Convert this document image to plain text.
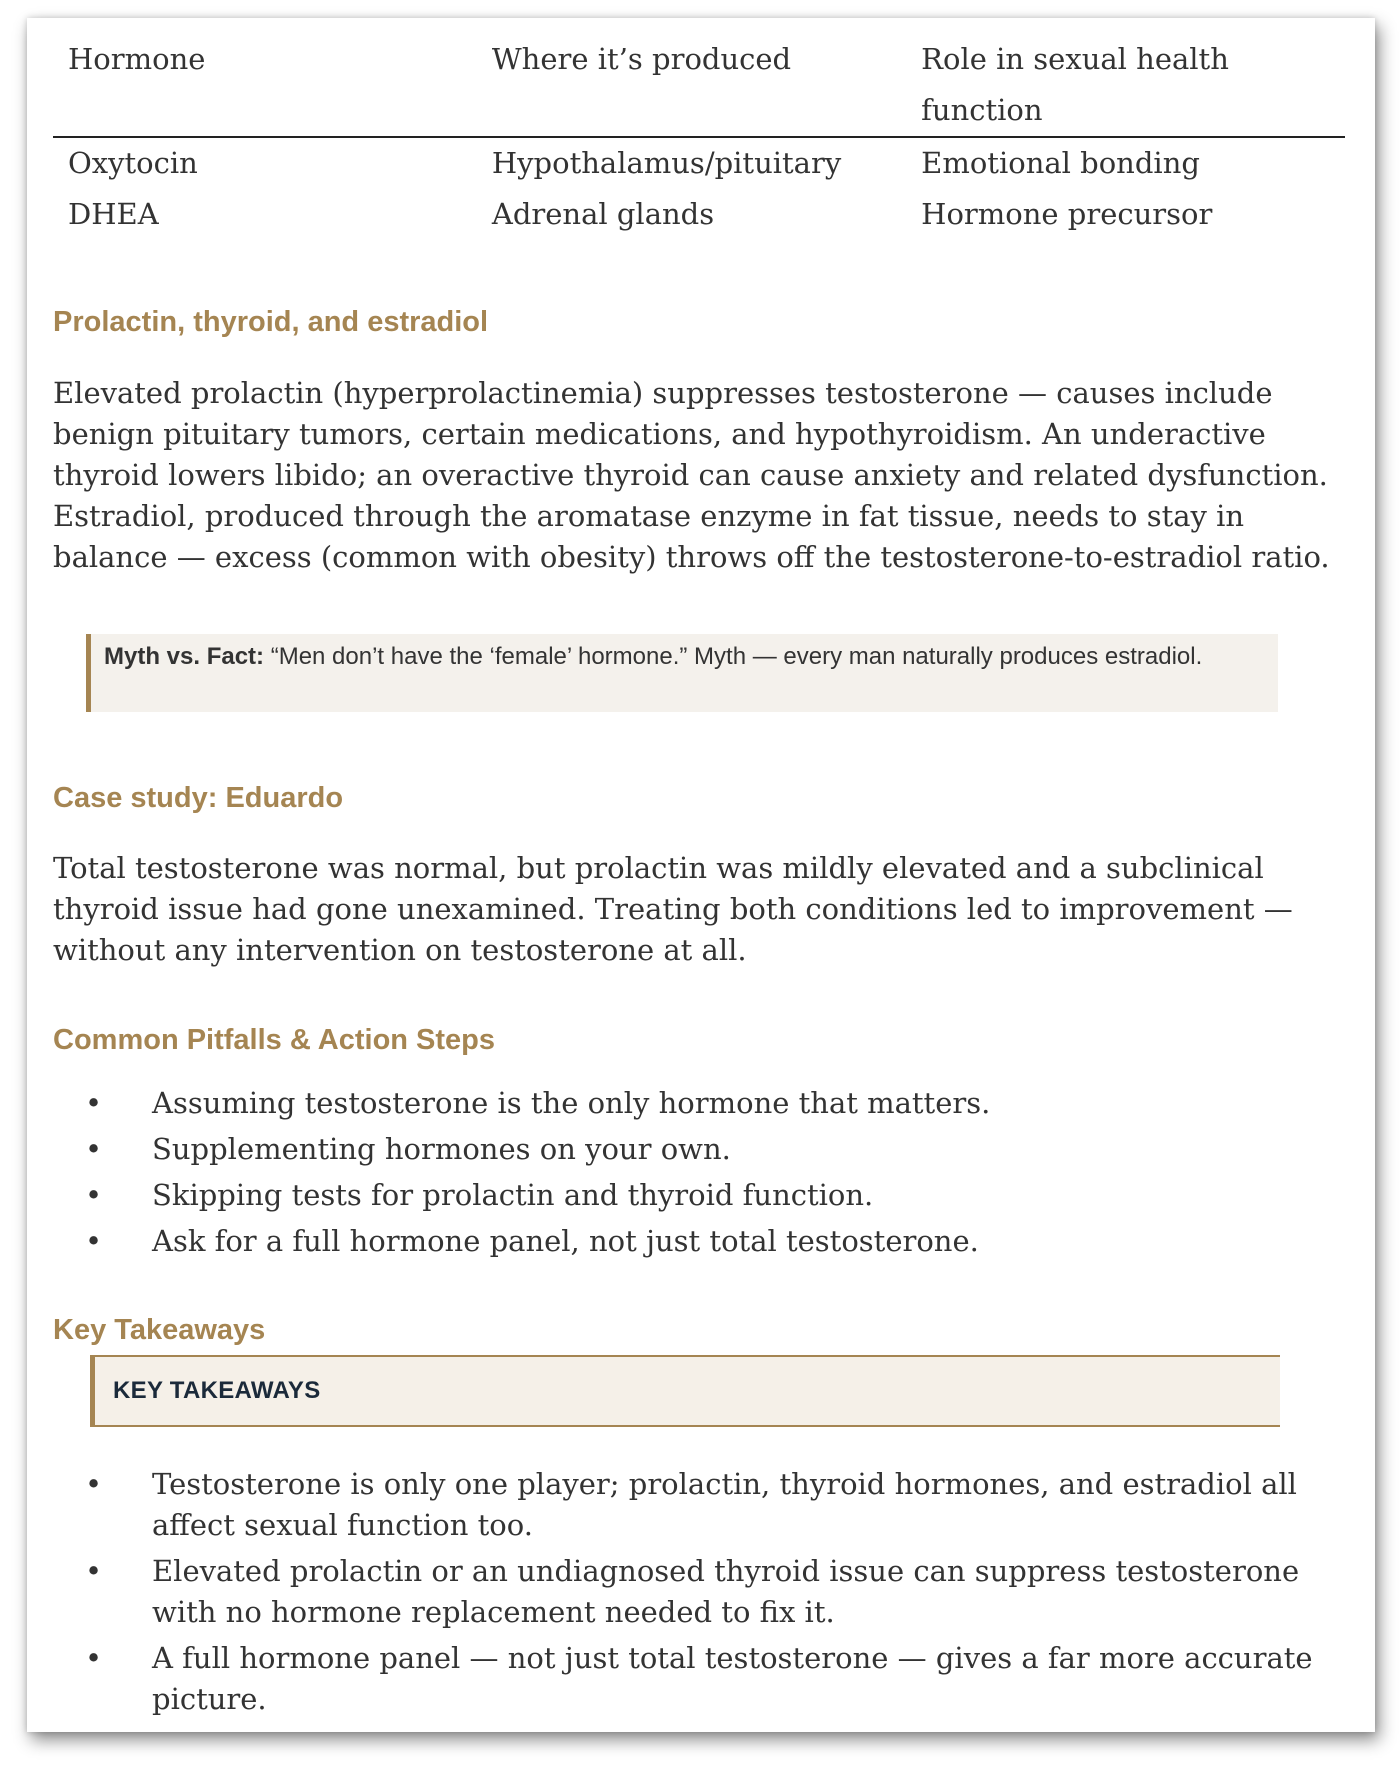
Hormone	Where it’s produced	Role in sexual health function
Oxytocin	Hypothalamus/pituitary	Emotional bonding
DHEA	Adrenal glands	Hormone precursor
Prolactin, thyroid, and estradiol

Elevated prolactin (hyperprolactinemia) suppresses testosterone — causes include benign pituitary tumors, certain medications, and hypothyroidism. An underactive thyroid lowers libido; an overactive thyroid can cause anxiety and related dysfunction. Estradiol, produced through the aromatase enzyme in fat tissue, needs to stay in balance — excess (common with obesity) throws off the testosterone-to-estradiol ratio.

Myth vs. Fact: “Men don’t have the ‘female’ hormone.” Myth — every man naturally produces estradiol.
Case study: Eduardo

Total testosterone was normal, but prolactin was mildly elevated and a subclinical thyroid issue had gone unexamined. Treating both conditions led to improvement — without any intervention on testosterone at all.

Common Pitfalls & Action Steps
• Assuming testosterone is the only hormone that matters.
• Supplementing hormones on your own.
• Skipping tests for prolactin and thyroid function.
• Ask for a full hormone panel, not just total testosterone.
Key Takeaways
KEY TAKEAWAYS
• Testosterone is only one player; prolactin, thyroid hormones, and estradiol all affect sexual function too.
• Elevated prolactin or an undiagnosed thyroid issue can suppress testosterone with no hormone replacement needed to fix it.
• A full hormone panel — not just total testosterone — gives a far more accurate picture.
